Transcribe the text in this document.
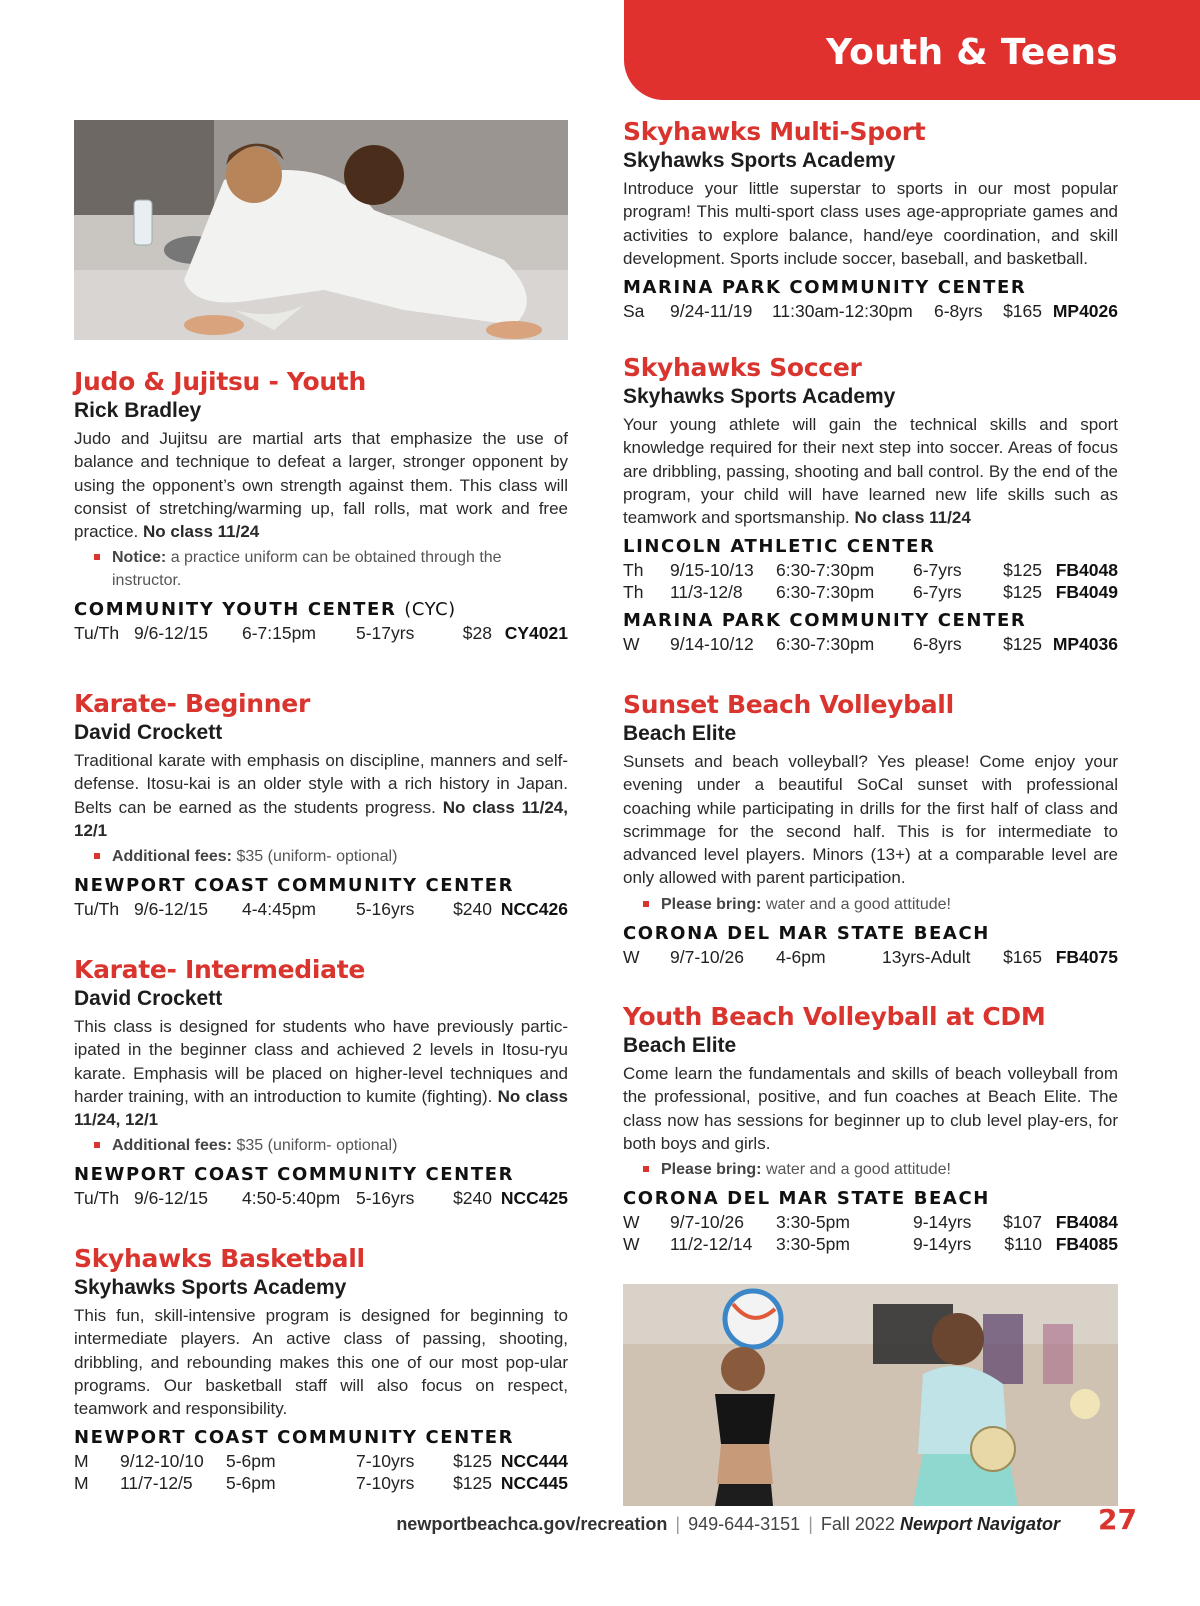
Youth & Teens
Judo & Jujitsu - Youth
Rick Bradley
Judo and Jujitsu are martial arts that emphasize the use of balance and technique to defeat a larger, stronger opponent by using the opponent’s own strength against them. This class will consist of stretching/warming up, fall rolls, mat work and free practice. No class 11/24
Notice: a practice uniform can be obtained through the instructor.
COMMUNITY YOUTH CENTER (CYC)
Tu/Th 9/6-12/15 6-7:15pm 5-17yrs	$28 CY4021
Karate- Beginner
David Crockett
Traditional karate with emphasis on discipline, manners and self-defense. Itosu-kai is an older style with a rich history in Japan. Belts can be earned as the students progress. No class 11/24, 12/1
Additional fees: $35 (uniform- optional)
NEWPORT COAST COMMUNITY CENTER
Tu/Th 9/6-12/15 4-4:45pm 5-16yrs $240 NCC426
Karate- Intermediate
David Crockett
This class is designed for students who have previously partic-ipated in the beginner class and achieved 2 levels in Itosu-ryu karate. Emphasis will be placed on higher-level techniques and harder training, with an introduction to kumite (fighting). No class 11/24, 12/1
Additional fees: $35 (uniform- optional)
NEWPORT COAST COMMUNITY CENTER
Tu/Th 9/6-12/15 4:50-5:40pm 5-16yrs $240 NCC425
Skyhawks Basketball
Skyhawks Sports Academy
This fun, skill-intensive program is designed for beginning to intermediate players. An active class of passing, shooting, dribbling, and rebounding makes this one of our most pop-ular programs. Our basketball staff will also focus on respect, teamwork and responsibility.
NEWPORT COAST COMMUNITY CENTER
M 9/12-10/10 5-6pm	7-10yrs $125 NCC444
M 11/7-12/5 5-6pm	7-10yrs $125 NCC445
Skyhawks Multi-Sport
Skyhawks Sports Academy
Introduce your little superstar to sports in our most popular program! This multi-sport class uses age-appropriate games and activities to explore balance, hand/eye coordination, and skill development. Sports include soccer, baseball, and basketball.
MARINA PARK COMMUNITY CENTER
Sa 9/24-11/19 11:30am-12:30pm 6-8yrs $165 MP4026
Skyhawks Soccer
Skyhawks Sports Academy
Your young athlete will gain the technical skills and sport knowledge required for their next step into soccer. Areas of focus are dribbling, passing, shooting and ball control. By the end of the program, your child will have learned new life skills such as teamwork and sportsmanship. No class 11/24
LINCOLN ATHLETIC CENTER
Th 9/15-10/13 6:30-7:30pm 6-7yrs $125 FB4048
Th 11/3-12/8 6:30-7:30pm 6-7yrs $125 FB4049
MARINA PARK COMMUNITY CENTER
W 9/14-10/12 6:30-7:30pm 6-8yrs $125 MP4036
Sunset Beach Volleyball
Beach Elite
Sunsets and beach volleyball? Yes please! Come enjoy your evening under a beautiful SoCal sunset with professional coaching while participating in drills for the first half of class and scrimmage for the second half. This is for intermediate to advanced level players. Minors (13+) at a comparable level are only allowed with parent participation.
Please bring: water and a good attitude!
CORONA DEL MAR STATE BEACH
W 9/7-10/26 4-6pm	13yrs-Adult $165 FB4075
Youth Beach Volleyball at CDM
Beach Elite
Come learn the fundamentals and skills of beach volleyball from the professional, positive, and fun coaches at Beach Elite. The class now has sessions for beginner up to club level play-ers, for both boys and girls.
Please bring: water and a good attitude!
CORONA DEL MAR STATE BEACH
W 9/7-10/26 3:30-5pm	9-14yrs $107 FB4084
W 11/2-12/14 3:30-5pm	9-14yrs $110 FB4085
newportbeachca.gov/recreation | 949-644-3151 | Fall 2022 Newport Navigator 27
